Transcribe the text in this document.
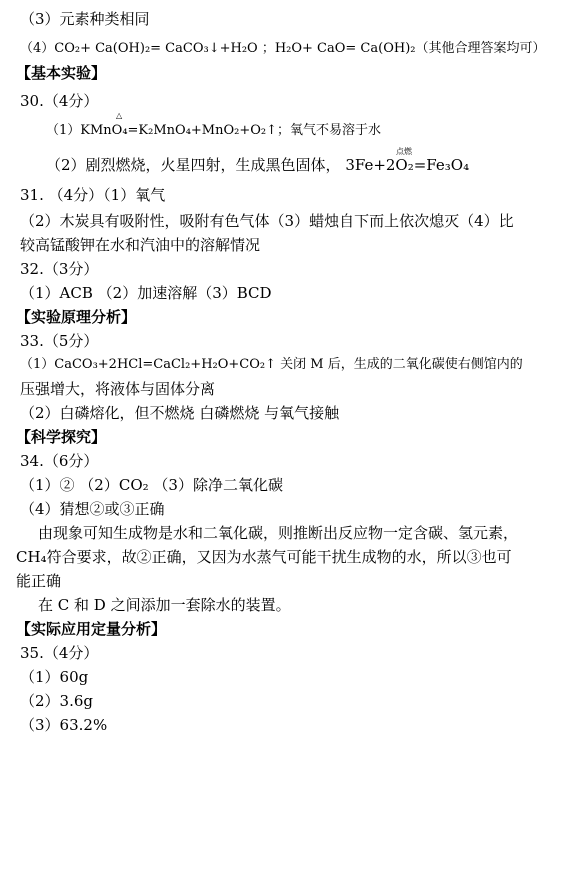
（3）元素种类相同
（4）CO₂+ Ca(OH)₂= CaCO₃↓+H₂O ；H₂O+ CaO= Ca(OH)₂（其他合理答案均可）
【基本实验】
30.（4分）
△
（1）KMnO₄=K₂MnO₄+MnO₂+O₂↑；氧气不易溶于水
点燃
（2）剧烈燃烧，火星四射，生成黑色固体， 3Fe+2O₂=Fe₃O₄
31. （4分）（1）氧气
（2）木炭具有吸附性，吸附有色气体（3）蜡烛自下而上依次熄灭（4）比
较高锰酸钾在水和汽油中的溶解情况
32.（3分）
（1）ACB （2）加速溶解（3）BCD
【实验原理分析】
33.（5分）
（1）CaCO₃+2HCl=CaCl₂+H₂O+CO₂↑ 关闭 M 后，生成的二氧化碳使右侧馆内的
压强增大，将液体与固体分离
（2）白磷熔化，但不燃烧 白磷燃烧 与氧气接触
【科学探究】
34.（6分）
（1）② （2）CO₂ （3）除净二氧化碳
（4）猜想②或③正确
由现象可知生成物是水和二氧化碳，则推断出反应物一定含碳、氢元素，
CH₄符合要求，故②正确，又因为水蒸气可能干扰生成物的水，所以③也可
能正确
在 C 和 D 之间添加一套除水的装置。
【实际应用定量分析】
35.（4分）
（1）60g
（2）3.6g
（3）63.2%
